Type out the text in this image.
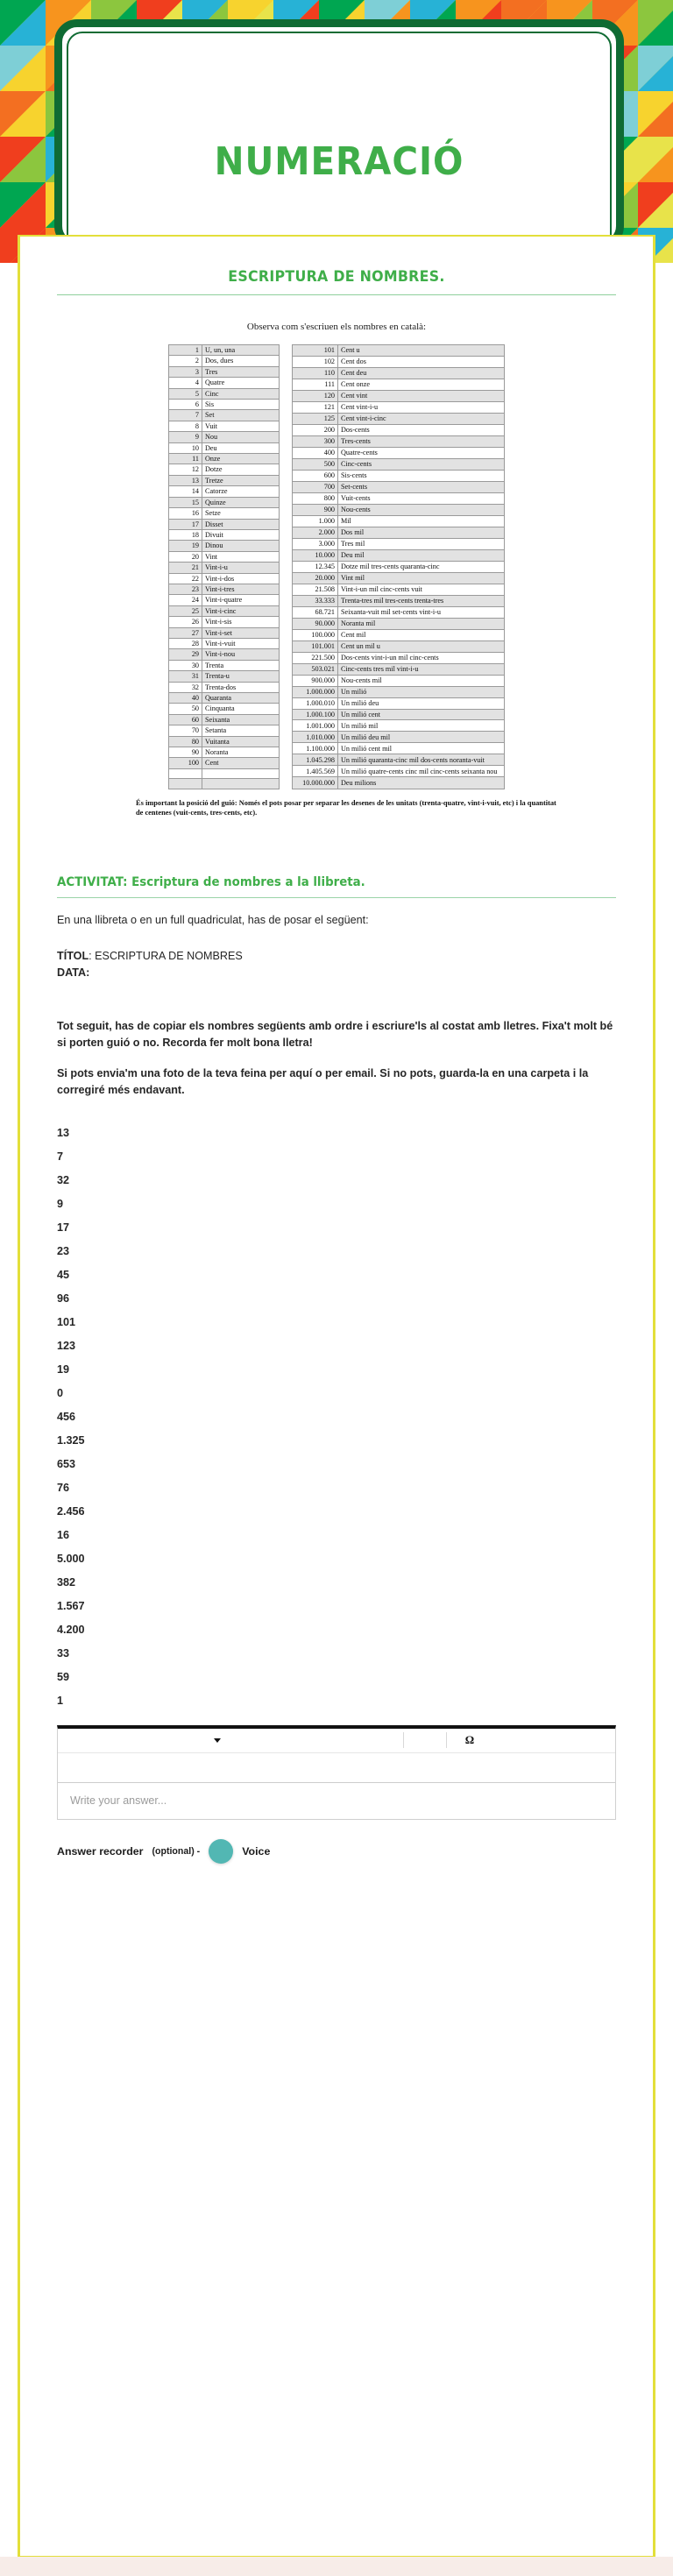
NUMERACIÓ
ESCRIPTURA DE NOMBRES.
Observa com s'escriuen els nombres en català:
1	U, un, una
2	Dos, dues
3	Tres
4	Quatre
5	Cinc
6	Sis
7	Set
8	Vuit
9	Nou
10	Deu
11	Onze
12	Dotze
13	Tretze
14	Catorze
15	Quinze
16	Setze
17	Disset
18	Divuit
19	Dinou
20	Vint
21	Vint-i-u
22	Vint-i-dos
23	Vint-i-tres
24	Vint-i-quatre
25	Vint-i-cinc
26	Vint-i-sis
27	Vint-i-set
28	Vint-i-vuit
29	Vint-i-nou
30	Trenta
31	Trenta-u
32	Trenta-dos
40	Quaranta
50	Cinquanta
60	Seixanta
70	Setanta
80	Vuitanta
90	Noranta
100	Cent

101	Cent u
102	Cent dos
110	Cent deu
111	Cent onze
120	Cent vint
121	Cent vint-i-u
125	Cent vint-i-cinc
200	Dos-cents
300	Tres-cents
400	Quatre-cents
500	Cinc-cents
600	Sis-cents
700	Set-cents
800	Vuit-cents
900	Nou-cents
1.000	Mil
2.000	Dos mil
3.000	Tres mil
10.000	Deu mil
12.345	Dotze mil tres-cents quaranta-cinc
20.000	Vint mil
21.508	Vint-i-un mil cinc-cents vuit
33.333	Trenta-tres mil tres-cents trenta-tres
68.721	Seixanta-vuit mil set-cents vint-i-u
90.000	Noranta mil
100.000	Cent mil
101.001	Cent un mil u
221.500	Dos-cents vint-i-un mil cinc-cents
503.021	Cinc-cents tres mil vint-i-u
900.000	Nou-cents mil
1.000.000	Un milió
1.000.010	Un milió deu
1.000.100	Un milió cent
1.001.000	Un milió mil
1.010.000	Un milió deu mil
1.100.000	Un milió cent mil
1.045.298	Un milió quaranta-cinc mil dos-cents noranta-vuit
1.405.569	Un milió quatre-cents cinc mil cinc-cents seixanta nou
10.000.000	Deu milions
És important la posició del guió: Només el pots posar per separar les desenes de les unitats (trenta-quatre, vint-i-vuit, etc) i la quantitat de centenes (vuit-cents, tres-cents, etc).
ACTIVITAT: Escriptura de nombres a la llibreta.
En una llibreta o en un full quadriculat, has de posar el següent:
TÍTOL: ESCRIPTURA DE NOMBRES
DATA:
Tot seguit, has de copiar els nombres següents amb ordre i escriure'ls al costat amb lletres. Fixa't molt bé si porten guió o no. Recorda fer molt bona lletra!
Si pots envia'm una foto de la teva feina per aquí o per email. Si no pots, guarda-la en una carpeta i la corregiré més endavant.
13
7
32
9
17
23
45
96
101
123
19
0
456
1.325
653
76
2.456
16
5.000
382
1.567
4.200
33
59
1
Ω
Write your answer...
Answer recorder (optional) -	Voice
